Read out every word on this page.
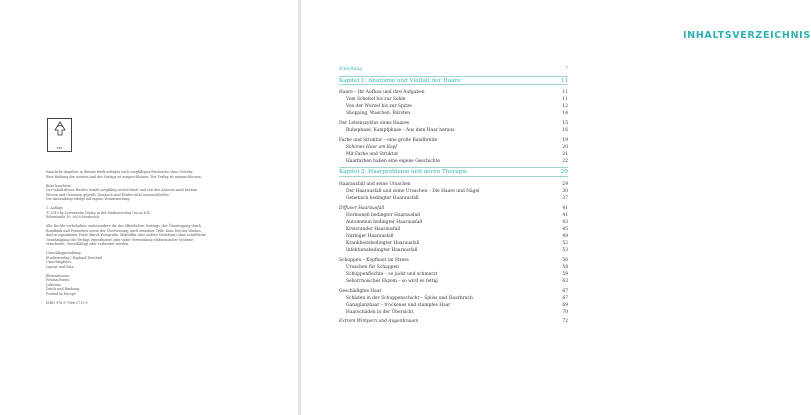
FSC

Sämtliche Angaben in diesem Werk erfolgen nach sorgfältiger Recherche ohne Gewähr.
Eine Haftung der Autorin und des Verlags ist ausgeschlossen. Der Verlag ist ausgeschlossen.

Bitte beachten:
Der Inhalt dieses Buches wurde sorgfältig recherchiert und von den Autoren nach bestem
Wissen und Gewissen geprüft. Dennoch sind Fehler nicht auszuschließen.
Die Anwendung erfolgt auf eigene Verantwortung.

1. Auflage
© 2019 by Löwenzahn Verlag in der Studienverlag Ges.m.b.H.
Erlerstraße 10, 6020 Innsbruck

Alle Rechte vorbehalten, insbesondere die des öffentlichen Vortrags, der Übertragung durch
Rundfunk und Fernsehen sowie der Übersetzung, auch einzelner Teile. Kein Teil des Werkes
darf in irgendeiner Form (durch Fotografie, Mikrofilm oder andere Verfahren) ohne schriftliche
Genehmigung des Verlags reproduziert oder unter Verwendung elektronischer Systeme
verarbeitet, vervielfältigt oder verbreitet werden.

Umschlaggestaltung:
Studienverlag / Raphael Drechsel
Umschlagfotos:
Layout und Satz:

Illustrationen:
Fotonachweis:
Lektorat:
Druck und Bindung:
Printed in Europe

ISBN 978-3-7066-2713-0

INHALTSVERZEICHNIS
Einleitung	7
Kapitel 1: Anatomie und Vielfalt der Haare	11
Haare – Ihr Aufbau und ihre Aufgaben	11
Vom Scheitel bis zur Sohle	11
Von der Wurzel bis zur Spitze	12
Shopping, Waschen, Bürsten	14
Der Lebenszyklus eines Haares	15
Ruhephase, Kampfphase – Aus dem Haar heraus	16
Farbe und Struktur – eine große Bandbreite	19
Schönes Haar am Kopf	20
Mit Farbe und Struktur	21
Haarfarben haben eine eigene Geschichte	22
Kapitel 2: Haarprobleme und deren Therapie	29
Haarausfall und seine Ursachen	29
Der Haarausfall und seine Ursachen – Die Haare und Nägel	30
Genetisch bedingter Haarausfall	37
Diffuser Haarausfall	41
Hormonell bedingter Haarausfall	41
Autoimmun bedingter Haarausfall	43
Kreisrunder Haarausfall	45
Narbiger Haarausfall	49
Krankheitsbedingter Haarausfall	52
Infektionsbedingter Haarausfall	53
Schuppen – Kopfhaut im Stress	56
Ursachen für Schuppen	58
Schuppenflechte – so juckt und schmerzt	59
Seborrhoisches Ekzem – so wird es fettig	63
Geschädigtes Haar	67
Schäden in der Schuppenschicht – Spliss und Haarbruch	67
Ganzglanzhaar – trockenes und stumpfes Haar	69
Haarschäden in der Übersicht	70
Extrem Wimpern und Augenbrauen	72
